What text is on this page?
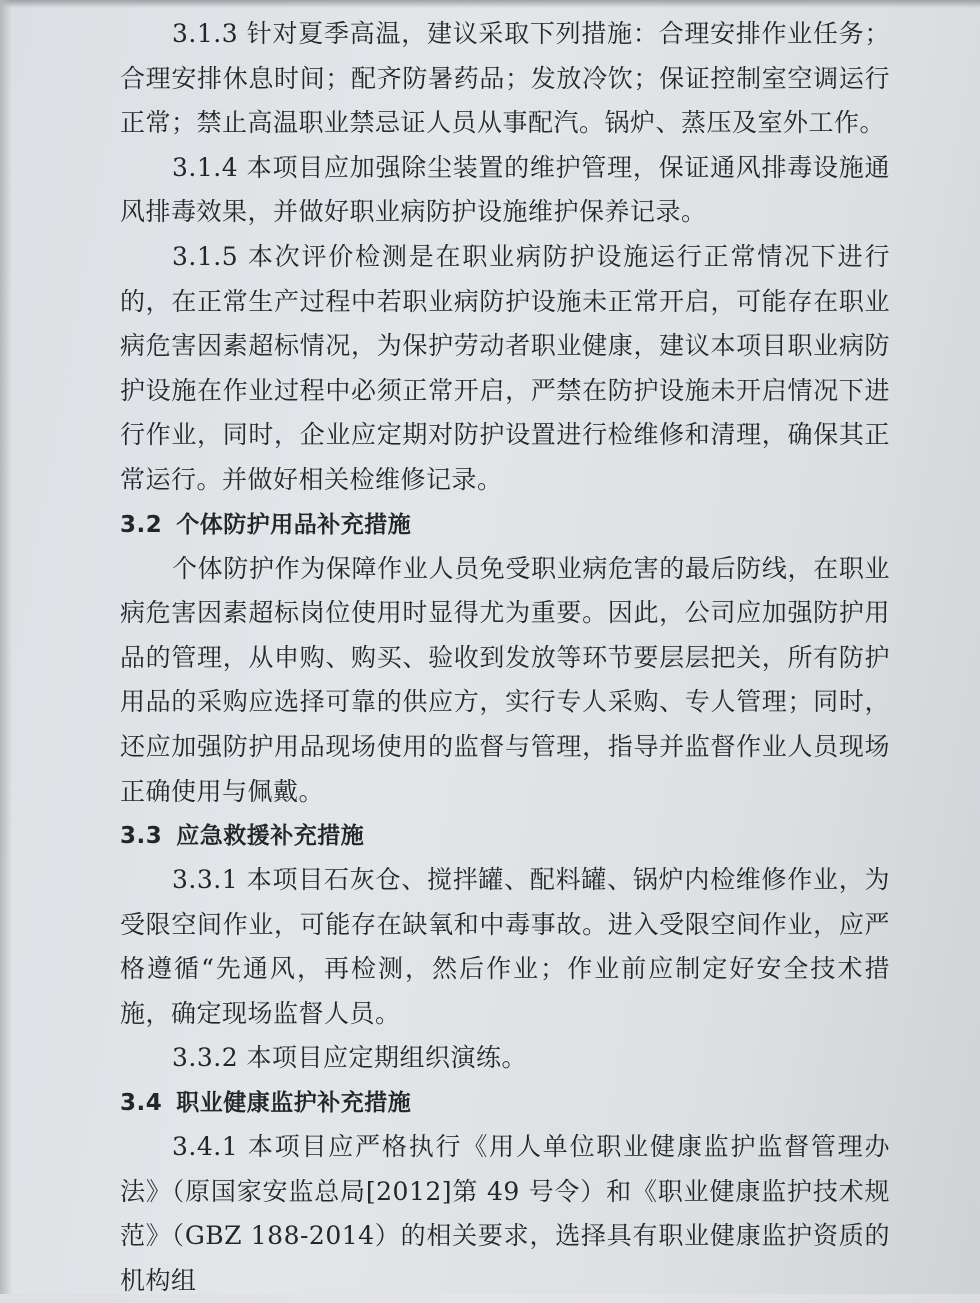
3.1.3 针对夏季高温，建议采取下列措施：合理安排作业任务；合理安排休息时间；配齐防暑药品；发放冷饮；保证控制室空调运行正常；禁止高温职业禁忌证人员从事配汽。锅炉、蒸压及室外工作。

3.1.4 本项目应加强除尘装置的维护管理，保证通风排毒设施通风排毒效果，并做好职业病防护设施维护保养记录。

3.1.5 本次评价检测是在职业病防护设施运行正常情况下进行的，在正常生产过程中若职业病防护设施未正常开启，可能存在职业病危害因素超标情况，为保护劳动者职业健康，建议本项目职业病防护设施在作业过程中必须正常开启，严禁在防护设施未开启情况下进行作业，同时，企业应定期对防护设置进行检维修和清理，确保其正常运行。并做好相关检维修记录。

3.2 个体防护用品补充措施

个体防护作为保障作业人员免受职业病危害的最后防线，在职业病危害因素超标岗位使用时显得尤为重要。因此，公司应加强防护用品的管理，从申购、购买、验收到发放等环节要层层把关，所有防护用品的采购应选择可靠的供应方，实行专人采购、专人管理；同时，还应加强防护用品现场使用的监督与管理，指导并监督作业人员现场正确使用与佩戴。

3.3 应急救援补充措施

3.3.1 本项目石灰仓、搅拌罐、配料罐、锅炉内检维修作业，为受限空间作业，可能存在缺氧和中毒事故。进入受限空间作业，应严格遵循“先通风，再检测，然后作业；作业前应制定好安全技术措施，确定现场监督人员。

3.3.2 本项目应定期组织演练。

3.4 职业健康监护补充措施

3.4.1 本项目应严格执行《用人单位职业健康监护监督管理办法》（原国家安监总局[2012]第 49 号令）和《职业健康监护技术规范》（GBZ 188-2014）的相关要求，选择具有职业健康监护资质的机构组
